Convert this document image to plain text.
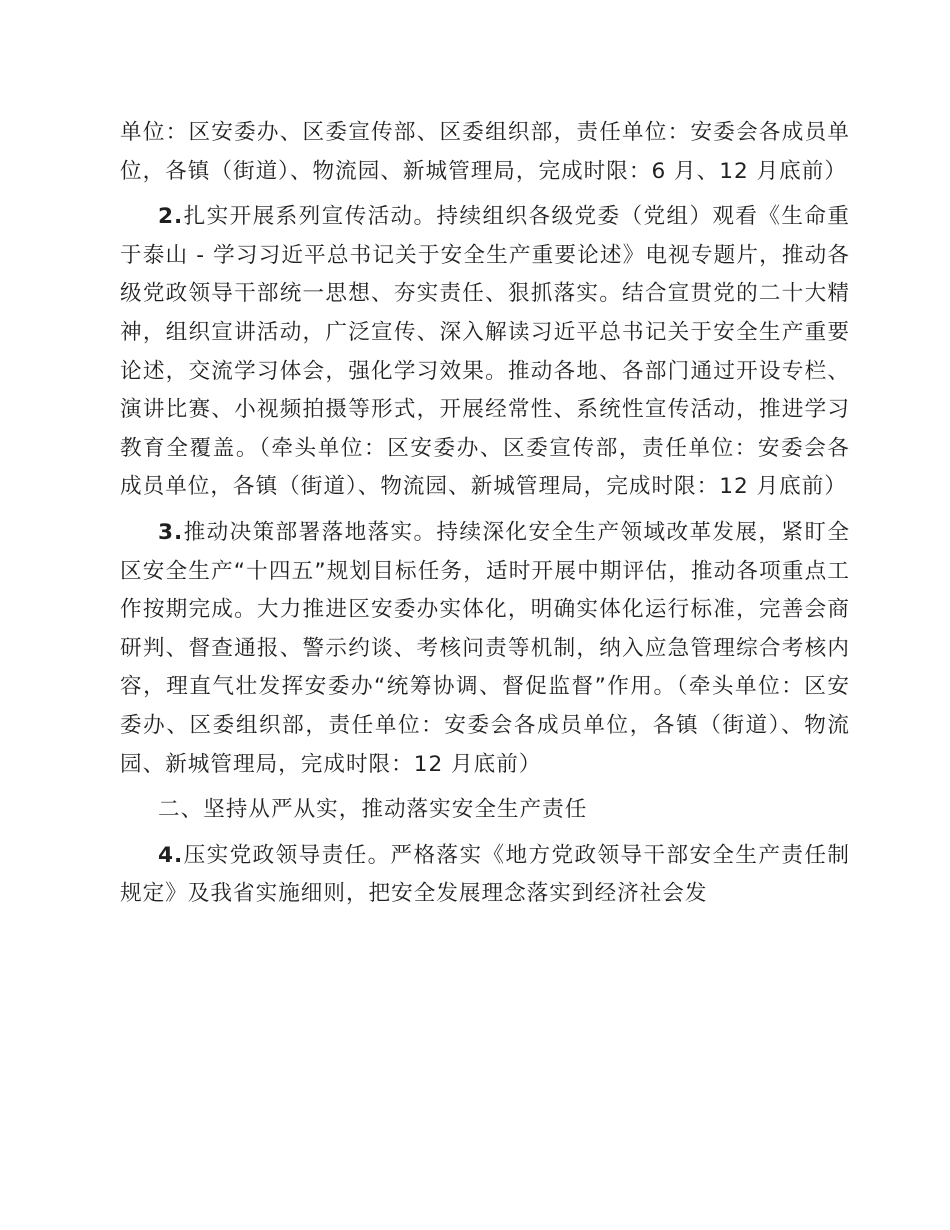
单位：区安委办、区委宣传部、区委组织部，责任单位：安委会各成员单位，各镇（街道）、物流园、新城管理局，完成时限：6 月、12 月底前）

2.扎实开展系列宣传活动。持续组织各级党委（党组）观看《生命重于泰山 - 学习习近平总书记关于安全生产重要论述》电视专题片，推动各级党政领导干部统一思想、夯实责任、狠抓落实。结合宣贯党的二十大精神，组织宣讲活动，广泛宣传、深入解读习近平总书记关于安全生产重要论述，交流学习体会，强化学习效果。推动各地、各部门通过开设专栏、演讲比赛、小视频拍摄等形式，开展经常性、系统性宣传活动，推进学习教育全覆盖。（牵头单位：区安委办、区委宣传部，责任单位：安委会各成员单位，各镇（街道）、物流园、新城管理局，完成时限：12 月底前）

3.推动决策部署落地落实。持续深化安全生产领域改革发展，紧盯全区安全生产“十四五”规划目标任务，适时开展中期评估，推动各项重点工作按期完成。大力推进区安委办实体化，明确实体化运行标准，完善会商研判、督查通报、警示约谈、考核问责等机制，纳入应急管理综合考核内容，理直气壮发挥安委办“统筹协调、督促监督”作用。（牵头单位：区安委办、区委组织部，责任单位：安委会各成员单位，各镇（街道）、物流园、新城管理局，完成时限：12 月底前）

二、坚持从严从实，推动落实安全生产责任

4.压实党政领导责任。严格落实《地方党政领导干部安全生产责任制规定》及我省实施细则，把安全发展理念落实到经济社会发
